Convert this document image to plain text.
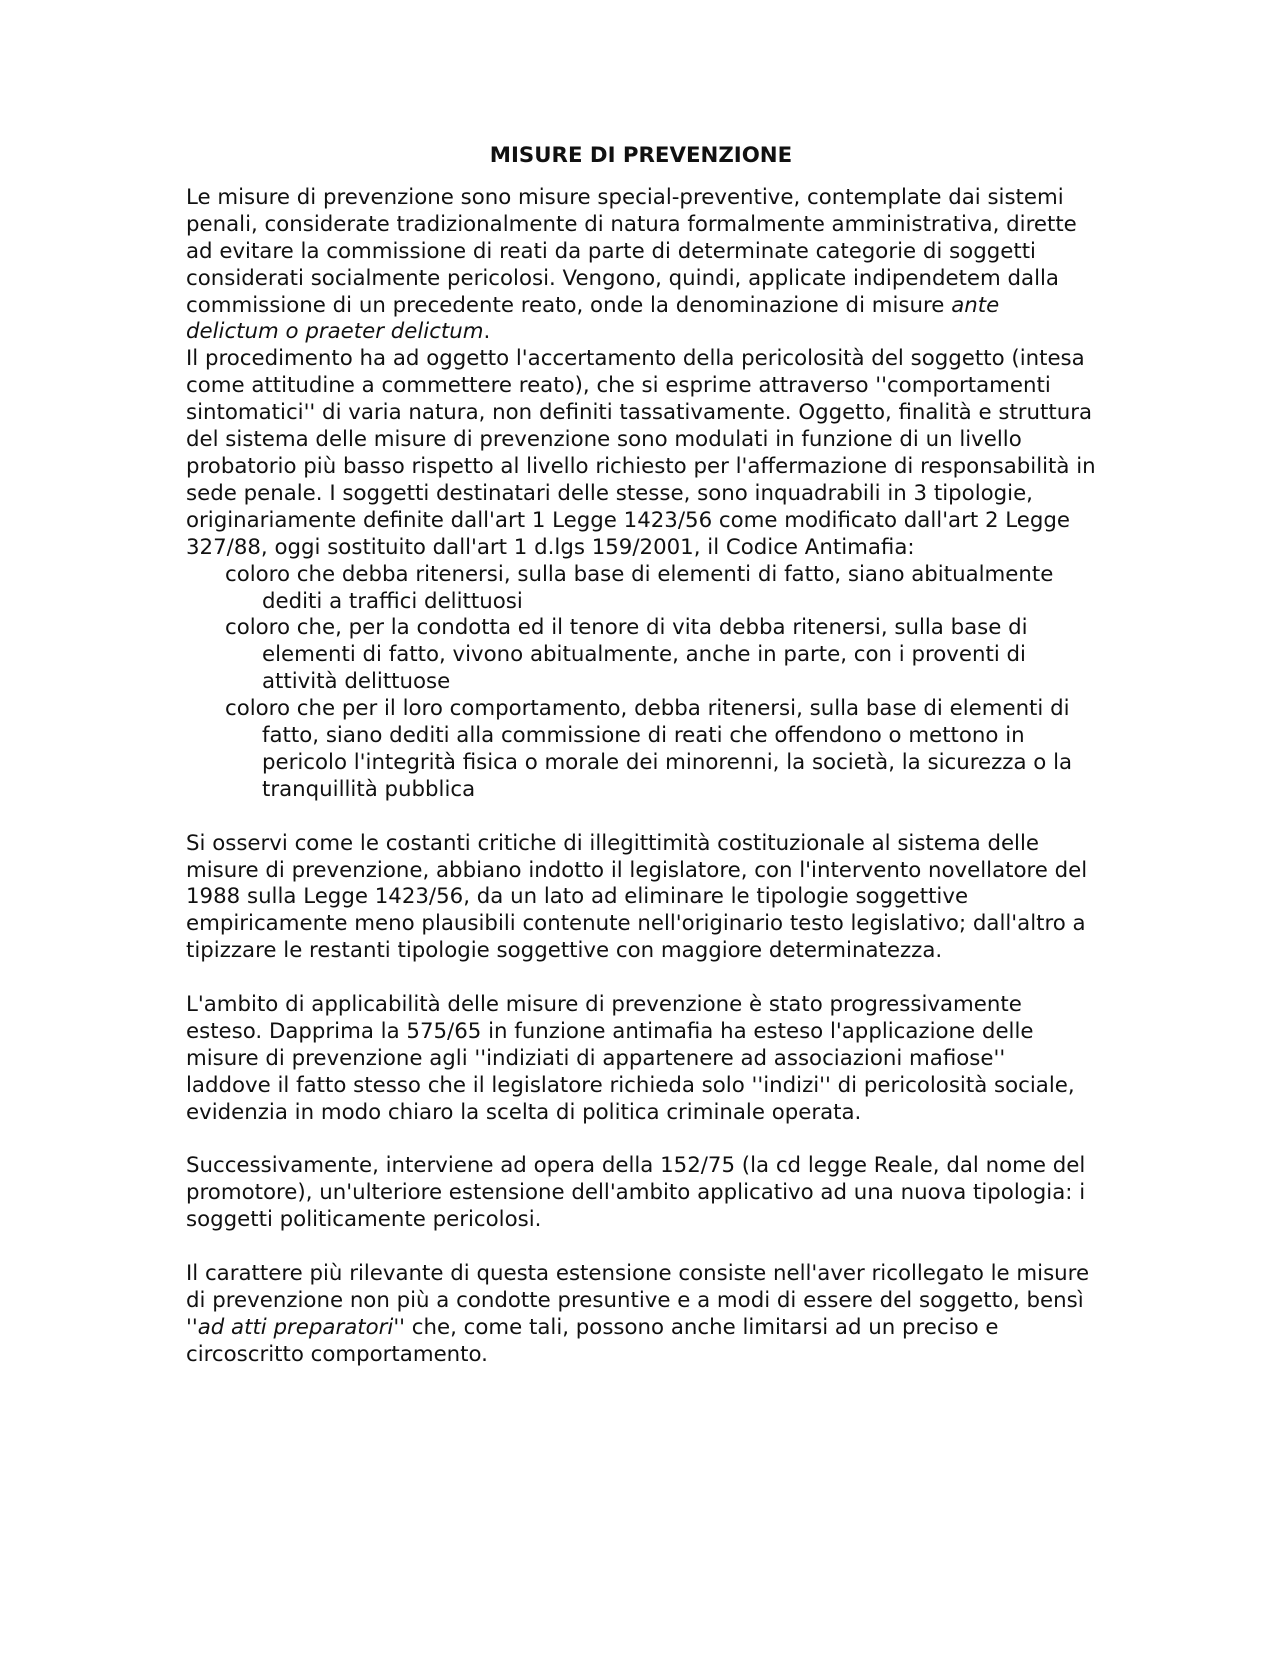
MISURE DI PREVENZIONE

Le misure di prevenzione sono misure special-preventive, contemplate dai sistemi penali, considerate tradizionalmente di natura formalmente amministrativa, dirette ad evitare la commissione di reati da parte di determinate categorie di soggetti considerati socialmente pericolosi. Vengono, quindi, applicate indipendetem dalla commissione di un precedente reato, onde la denominazione di misure ante delictum o praeter delictum.

Il procedimento ha ad oggetto l'accertamento della pericolosità del soggetto (intesa come attitudine a commettere reato), che si esprime attraverso ''comportamenti sintomatici'' di varia natura, non definiti tassativamente. Oggetto, finalità e struttura del sistema delle misure di prevenzione sono modulati in funzione di un livello probatorio più basso rispetto al livello richiesto per l'affermazione di responsabilità in sede penale. I soggetti destinatari delle stesse, sono inquadrabili in 3 tipologie, originariamente definite dall'art 1 Legge 1423/56 come modificato dall'art 2 Legge 327/88, oggi sostituito dall'art 1 d.lgs 159/2001, il Codice Antimafia:

coloro che debba ritenersi, sulla base di elementi di fatto, siano abitualmente dediti a traffici delittuosi
coloro che, per la condotta ed il tenore di vita debba ritenersi, sulla base di elementi di fatto, vivono abitualmente, anche in parte, con i proventi di attività delittuose
coloro che per il loro comportamento, debba ritenersi, sulla base di elementi di fatto, siano dediti alla commissione di reati che offendono o mettono in pericolo l'integrità fisica o morale dei minorenni, la società, la sicurezza o la tranquillità pubblica

Si osservi come le costanti critiche di illegittimità costituzionale al sistema delle misure di prevenzione, abbiano indotto il legislatore, con l'intervento novellatore del 1988 sulla Legge 1423/56, da un lato ad eliminare le tipologie soggettive empiricamente meno plausibili contenute nell'originario testo legislativo; dall'altro a tipizzare le restanti tipologie soggettive con maggiore determinatezza.

L'ambito di applicabilità delle misure di prevenzione è stato progressivamente esteso. Dapprima la 575/65 in funzione antimafia ha esteso l'applicazione delle misure di prevenzione agli ''indiziati di appartenere ad associazioni mafiose'' laddove il fatto stesso che il legislatore richieda solo ''indizi'' di pericolosità sociale, evidenzia in modo chiaro la scelta di politica criminale operata.

Successivamente, interviene ad opera della 152/75 (la cd legge Reale, dal nome del promotore), un'ulteriore estensione dell'ambito applicativo ad una nuova tipologia: i soggetti politicamente pericolosi.

Il carattere più rilevante di questa estensione consiste nell'aver ricollegato le misure di prevenzione non più a condotte presuntive e a modi di essere del soggetto, bensì ''ad atti preparatori'' che, come tali, possono anche limitarsi ad un preciso e circoscritto comportamento.
